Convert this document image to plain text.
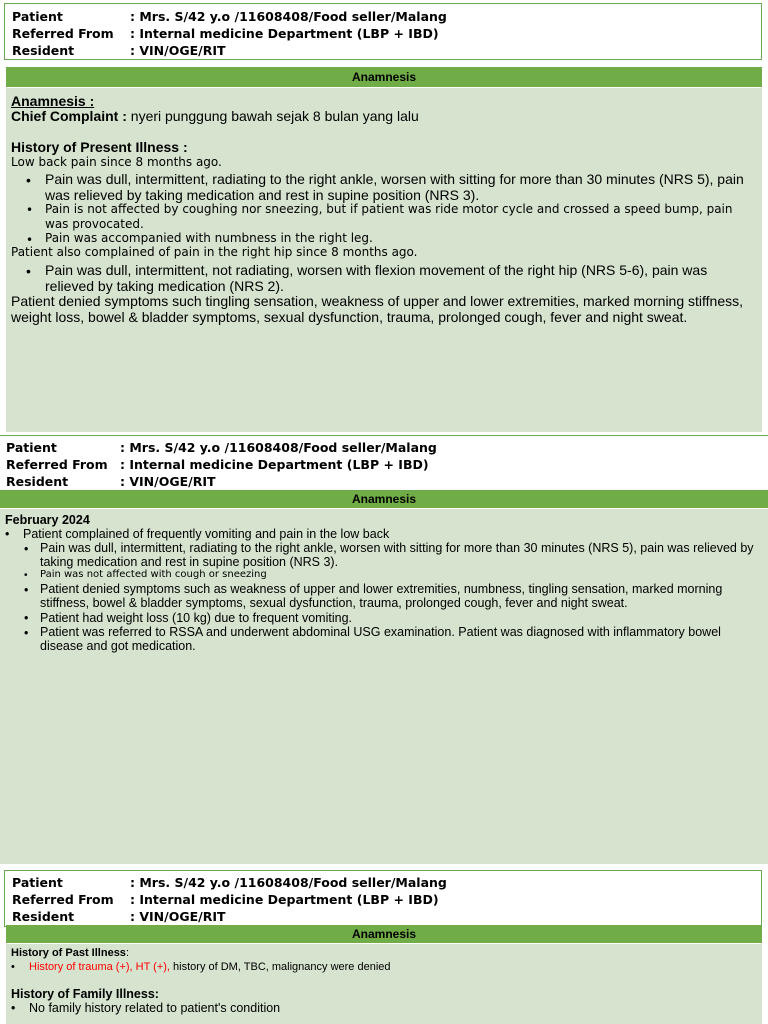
Patient	: Mrs. S/42 y.o /11608408/Food seller/Malang
Referred From : Internal medicine Department (LBP + IBD)
Resident	: VIN/OGE/RIT
Anamnesis
Anamnesis :
Chief Complaint : nyeri punggung bawah sejak 8 bulan yang lalu
History of Present Illness :
Low back pain since 8 months ago.
• Pain was dull, intermittent, radiating to the right ankle, worsen with sitting for more than 30 minutes (NRS 5), pain was relieved by taking medication and rest in supine position (NRS 3).
• Pain is not affected by coughing nor sneezing, but if patient was ride motor cycle and crossed a speed bump, pain was provocated.
• Pain was accompanied with numbness in the right leg.
Patient also complained of pain in the right hip since 8 months ago.
• Pain was dull, intermittent, not radiating, worsen with flexion movement of the right hip (NRS 5-6), pain was relieved by taking medication (NRS 2).
Patient denied symptoms such tingling sensation, weakness of upper and lower extremities, marked morning stiffness, weight loss, bowel & bladder symptoms, sexual dysfunction, trauma, prolonged cough, fever and night sweat.
Patient	: Mrs. S/42 y.o /11608408/Food seller/Malang
Referred From : Internal medicine Department (LBP + IBD)
Resident	: VIN/OGE/RIT
Anamnesis
February 2024
• Patient complained of frequently vomiting and pain in the low back
• Pain was dull, intermittent, radiating to the right ankle, worsen with sitting for more than 30 minutes (NRS 5), pain was relieved by taking medication and rest in supine position (NRS 3).
• Pain was not affected with cough or sneezing
• Patient denied symptoms such as weakness of upper and lower extremities, numbness, tingling sensation, marked morning stiffness, bowel & bladder symptoms, sexual dysfunction, trauma, prolonged cough, fever and night sweat.
• Patient had weight loss (10 kg) due to frequent vomiting.
• Patient was referred to RSSA and underwent abdominal USG examination. Patient was diagnosed with inflammatory bowel disease and got medication.
Patient	: Mrs. S/42 y.o /11608408/Food seller/Malang
Referred From : Internal medicine Department (LBP + IBD)
Resident	: VIN/OGE/RIT
Anamnesis
History of Past Illness:
• History of trauma (+), HT (+), history of DM, TBC, malignancy were denied
History of Family Illness:
• No family history related to patient's condition
